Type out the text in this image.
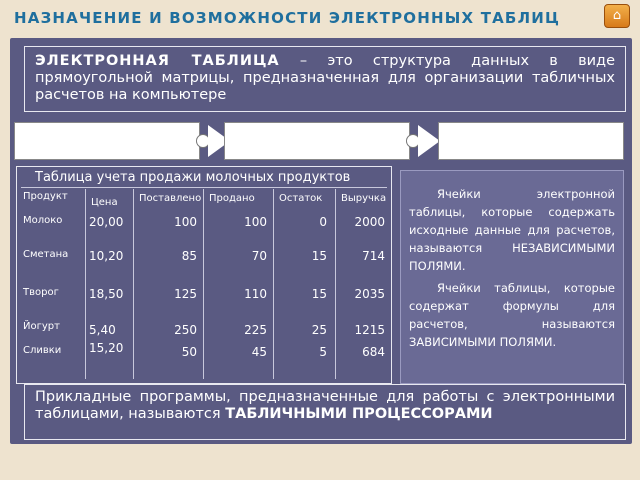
НАЗНАЧЕНИЕ И ВОЗМОЖНОСТИ ЭЛЕКТРОННЫХ ТАБЛИЦ	⌂
ЭЛЕКТРОННАЯ ТАБЛИЦА – это структура данных в виде прямоугольной матрицы, предназначенная для организации табличных расчетов на компьютере
Таблица учета продажи молочных продуктов
Продукт
Цена Поставлено Продано Остаток Выручка
Молоко
Сметана
Творог
Йогурт
Сливки
20,00
10,20
18,50
5,40
15,20
100
85
125
250
50
100
70
110
225
45
0
15
15
25
5
2000
714
2035
1215
684

Ячейки электронной таблицы, которые содержать исходные данные для расчетов, называются НЕЗАВИСИМЫМИ ПОЛЯМИ.

Ячейки таблицы, которые содержат формулы для расчетов, называются ЗАВИСИМЫМИ ПОЛЯМИ.

Прикладные программы, предназначенные для работы с электронными таблицами, называются ТАБЛИЧНЫМИ ПРОЦЕССОРАМИ
